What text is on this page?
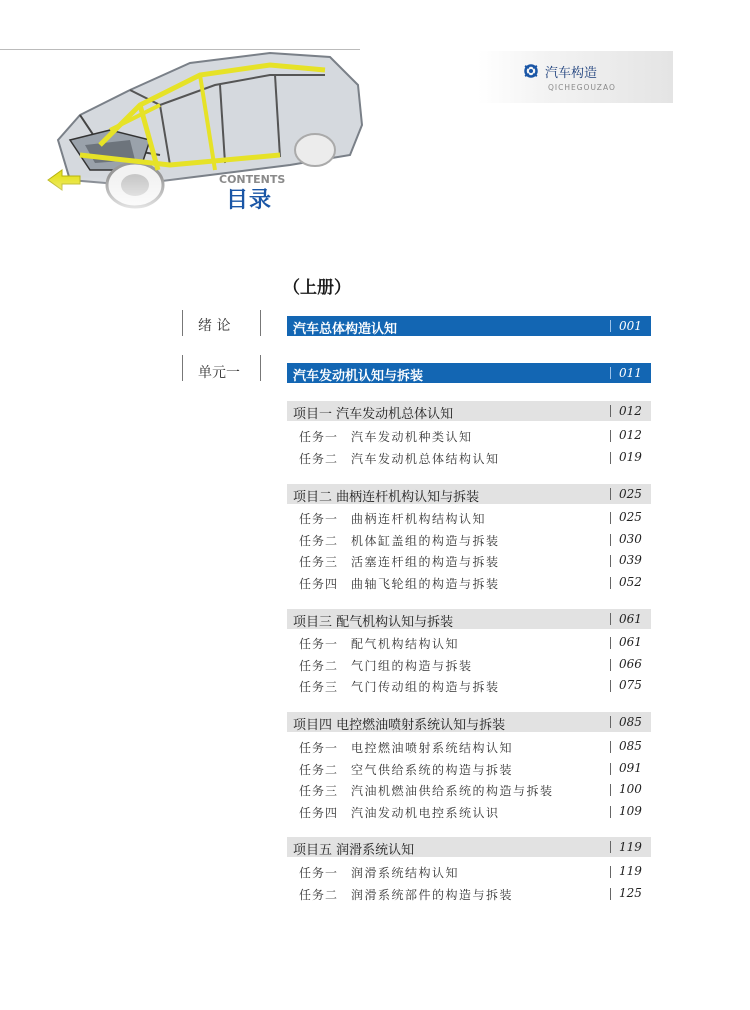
汽车构造
QICHEGOUZAO
CONTENTS
目录
（上册）
绪 论
单元一
汽车总体构造认知	001
汽车发动机认知与拆装	011
项目一 汽车发动机总体认知	012
任务一 汽车发动机种类认知	012
任务二 汽车发动机总体结构认知	019
项目二 曲柄连杆机构认知与拆装	025
任务一 曲柄连杆机构结构认知	025
任务二 机体缸盖组的构造与拆装	030
任务三 活塞连杆组的构造与拆装	039
任务四 曲轴飞轮组的构造与拆装	052
项目三 配气机构认知与拆装	061
任务一 配气机构结构认知	061
任务二 气门组的构造与拆装	066
任务三 气门传动组的构造与拆装	075
项目四 电控燃油喷射系统认知与拆装	085
任务一 电控燃油喷射系统结构认知	085
任务二 空气供给系统的构造与拆装	091
任务三 汽油机燃油供给系统的构造与拆装	100
任务四 汽油发动机电控系统认识	109
项目五 润滑系统认知	119
任务一 润滑系统结构认知	119
任务二 润滑系统部件的构造与拆装	125
